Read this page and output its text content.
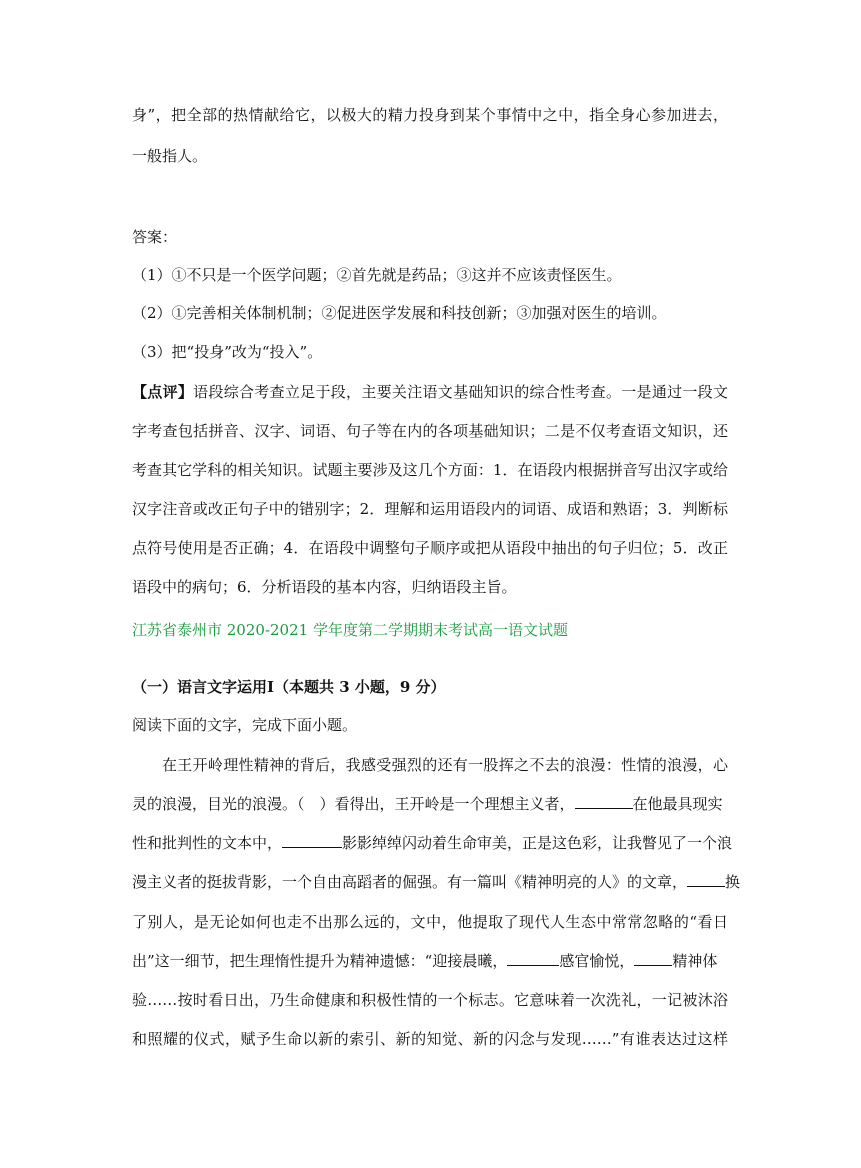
身”，把全部的热情献给它，以极大的精力投身到某个事情中之中，指全身心参加进去，
一般指人。
答案：
（1）①不只是一个医学问题；②首先就是药品；③这并不应该责怪医生。
（2）①完善相关体制机制；②促进医学发展和科技创新；③加强对医生的培训。
（3）把“投身”改为“投入”。
【点评】语段综合考查立足于段，主要关注语文基础知识的综合性考查。一是通过一段文
字考查包括拼音、汉字、词语、句子等在内的各项基础知识；二是不仅考查语文知识，还
考查其它学科的相关知识。试题主要涉及这几个方面：1．在语段内根据拼音写出汉字或给
汉字注音或改正句子中的错别字；2．理解和运用语段内的词语、成语和熟语；3．判断标
点符号使用是否正确；4．在语段中调整句子顺序或把从语段中抽出的句子归位；5．改正
语段中的病句；6．分析语段的基本内容，归纳语段主旨。
江苏省泰州市 2020-2021 学年度第二学期期末考试高一语文试题
（一）语言文字运用Ⅰ（本题共 3 小题，9 分）
阅读下面的文字，完成下面小题。
在王开岭理性精神的背后，我感受强烈的还有一股挥之不去的浪漫：性情的浪漫，心
灵的浪漫，目光的浪漫。（　）看得出，王开岭是一个理想主义者，	在他最具现实
性和批判性的文本中，	影影绰绰闪动着生命审美，正是这色彩，让我瞥见了一个浪
漫主义者的挺拔背影，一个自由高蹈者的倔强。有一篇叫《精神明亮的人》的文章，	换
了别人，是无论如何也走不出那么远的，文中，他提取了现代人生态中常常忽略的“看日
出”这一细节，把生理惰性提升为精神遗憾：“迎接晨曦，	感官愉悦，	精神体
验……按时看日出，乃生命健康和积极性情的一个标志。它意味着一次洗礼，一记被沐浴
和照耀的仪式，赋予生命以新的索引、新的知觉、新的闪念与发现……”有谁表达过这样
